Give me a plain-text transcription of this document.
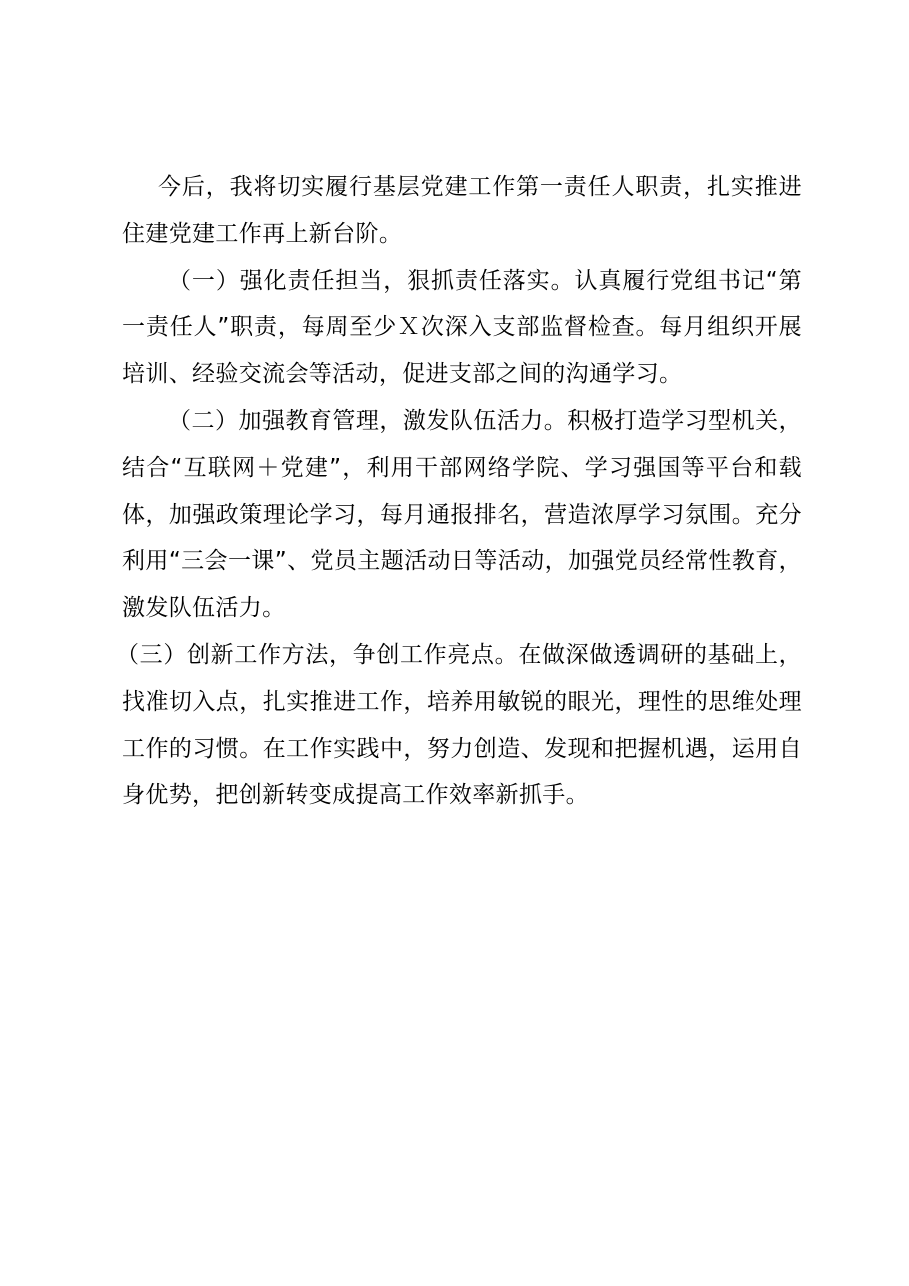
今后，我将切实履行基层党建工作第一责任人职责，扎实推进住建党建工作再上新台阶。

（一）强化责任担当，狠抓责任落实。认真履行党组书记“第一责任人”职责，每周至少Ｘ次深入支部监督检查。每月组织开展培训、经验交流会等活动，促进支部之间的沟通学习。

（二）加强教育管理，激发队伍活力。积极打造学习型机关，结合“互联网＋党建”，利用干部网络学院、学习强国等平台和载体，加强政策理论学习，每月通报排名，营造浓厚学习氛围。充分利用“三会一课”、党员主题活动日等活动，加强党员经常性教育，激发队伍活力。

（三）创新工作方法，争创工作亮点。在做深做透调研的基础上，找准切入点，扎实推进工作，培养用敏锐的眼光，理性的思维处理工作的习惯。在工作实践中，努力创造、发现和把握机遇，运用自身优势，把创新转变成提高工作效率新抓手。
